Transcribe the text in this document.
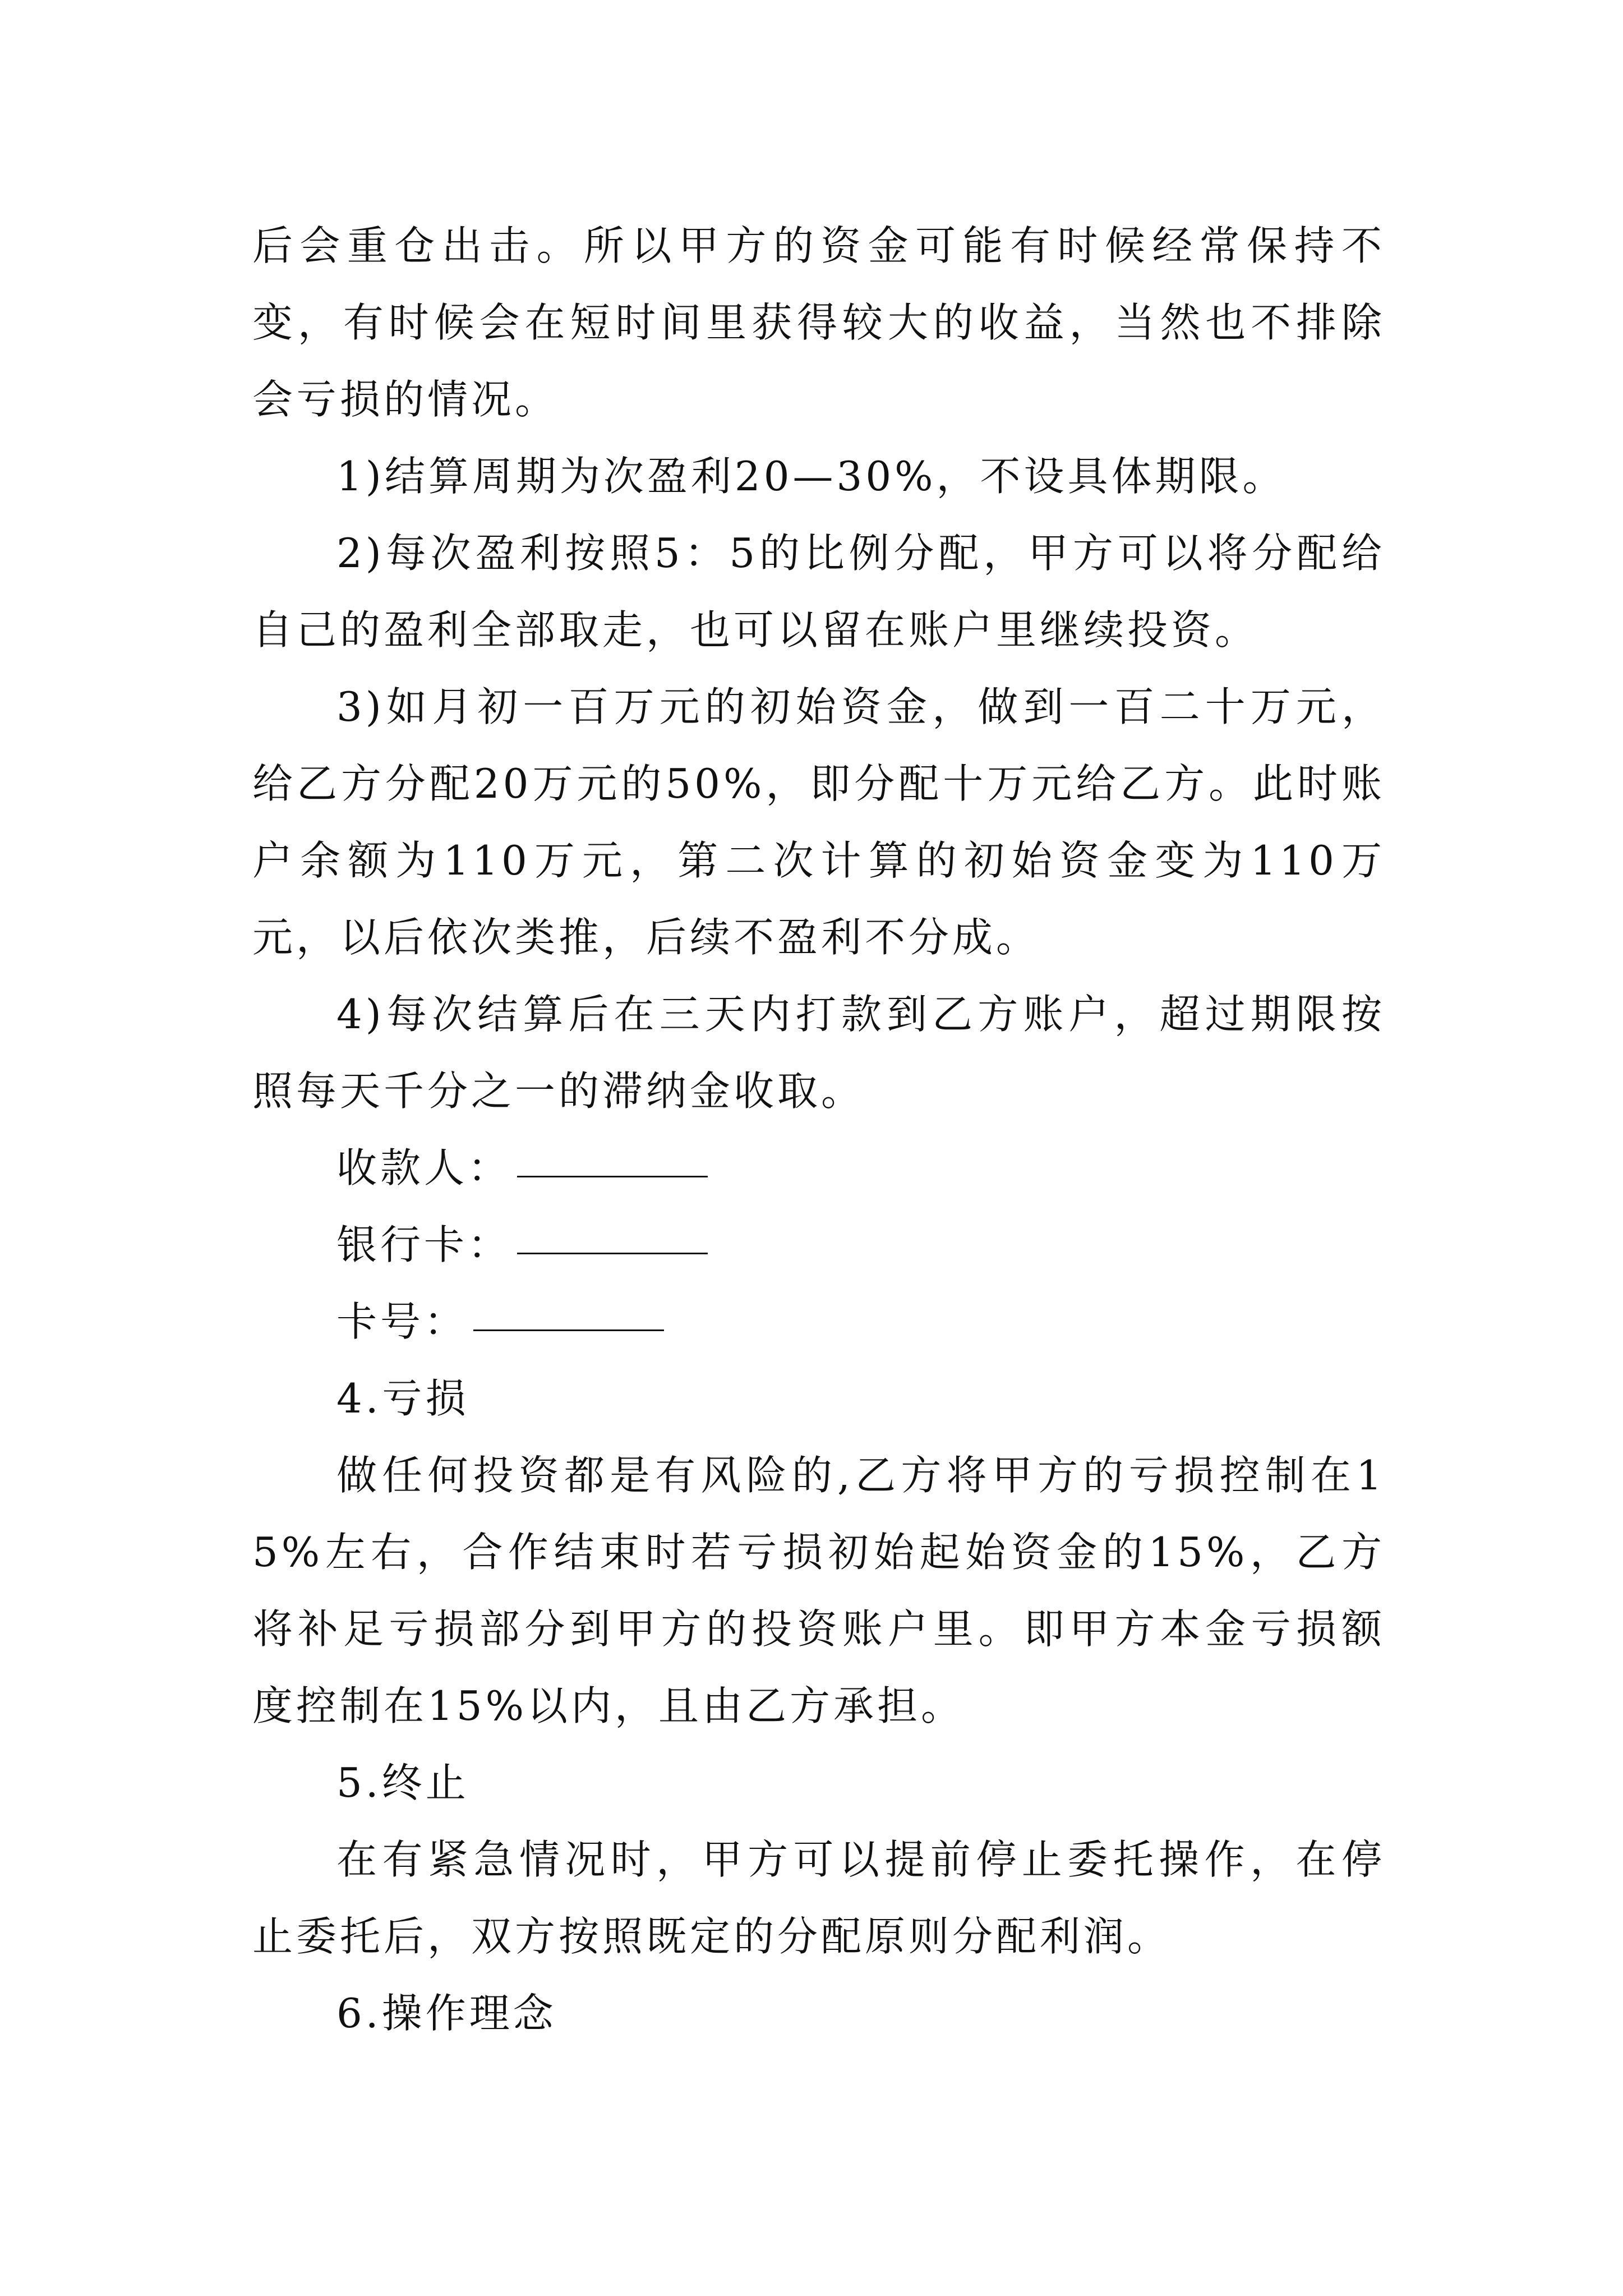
后会重仓出击。所以甲方的资金可能有时候经常保持不变，有时候会在短时间里获得较大的收益，当然也不排除会亏损的情况。

1)结算周期为次盈利20—30%，不设具体期限。

2)每次盈利按照5：5的比例分配，甲方可以将分配给自己的盈利全部取走，也可以留在账户里继续投资。

3)如月初一百万元的初始资金，做到一百二十万元，给乙方分配20万元的50%，即分配十万元给乙方。此时账户余额为110万元，第二次计算的初始资金变为110万元，以后依次类推，后续不盈利不分成。

4)每次结算后在三天内打款到乙方账户，超过期限按照每天千分之一的滞纳金收取。

收款人：

银行卡：

卡号：

4.亏损

做任何投资都是有风险的,乙方将甲方的亏损控制在15%左右，合作结束时若亏损初始起始资金的15%，乙方将补足亏损部分到甲方的投资账户里。即甲方本金亏损额度控制在15%以内，且由乙方承担。

5.终止

在有紧急情况时，甲方可以提前停止委托操作，在停止委托后，双方按照既定的分配原则分配利润。

6.操作理念
